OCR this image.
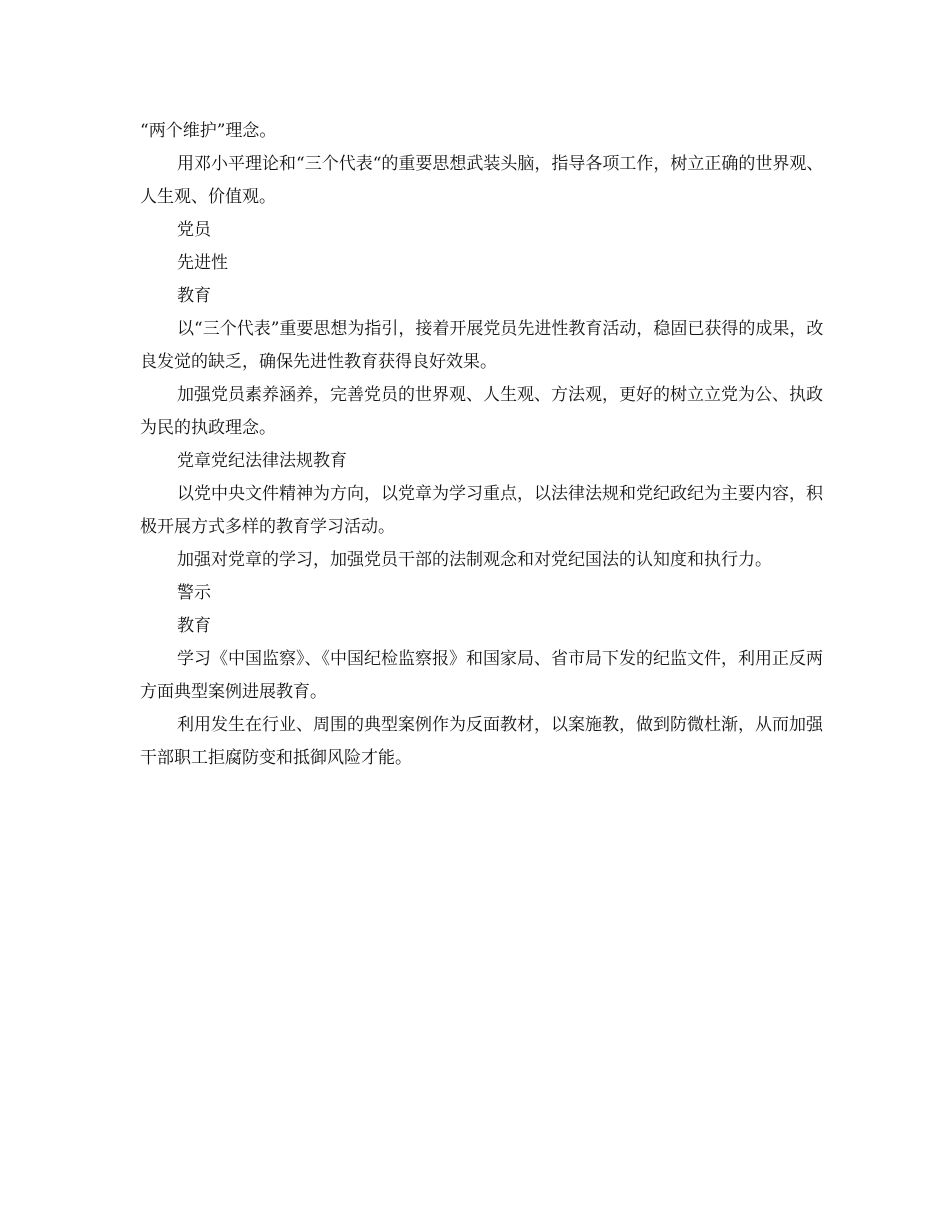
“两个维护”理念。

用邓小平理论和“三个代表“的重要思想武装头脑，指导各项工作，树立正确的世界观、人生观、价值观。

党员

先进性

教育

以“三个代表”重要思想为指引，接着开展党员先进性教育活动，稳固已获得的成果，改良发觉的缺乏，确保先进性教育获得良好效果。

加强党员素养涵养，完善党员的世界观、人生观、方法观，更好的树立立党为公、执政为民的执政理念。

党章党纪法律法规教育

以党中央文件精神为方向，以党章为学习重点，以法律法规和党纪政纪为主要内容，积极开展方式多样的教育学习活动。

加强对党章的学习，加强党员干部的法制观念和对党纪国法的认知度和执行力。

警示

教育

学习《中国监察》、《中国纪检监察报》和国家局、省市局下发的纪监文件，利用正反两方面典型案例进展教育。

利用发生在行业、周围的典型案例作为反面教材，以案施教，做到防微杜渐，从而加强干部职工拒腐防变和抵御风险才能。
